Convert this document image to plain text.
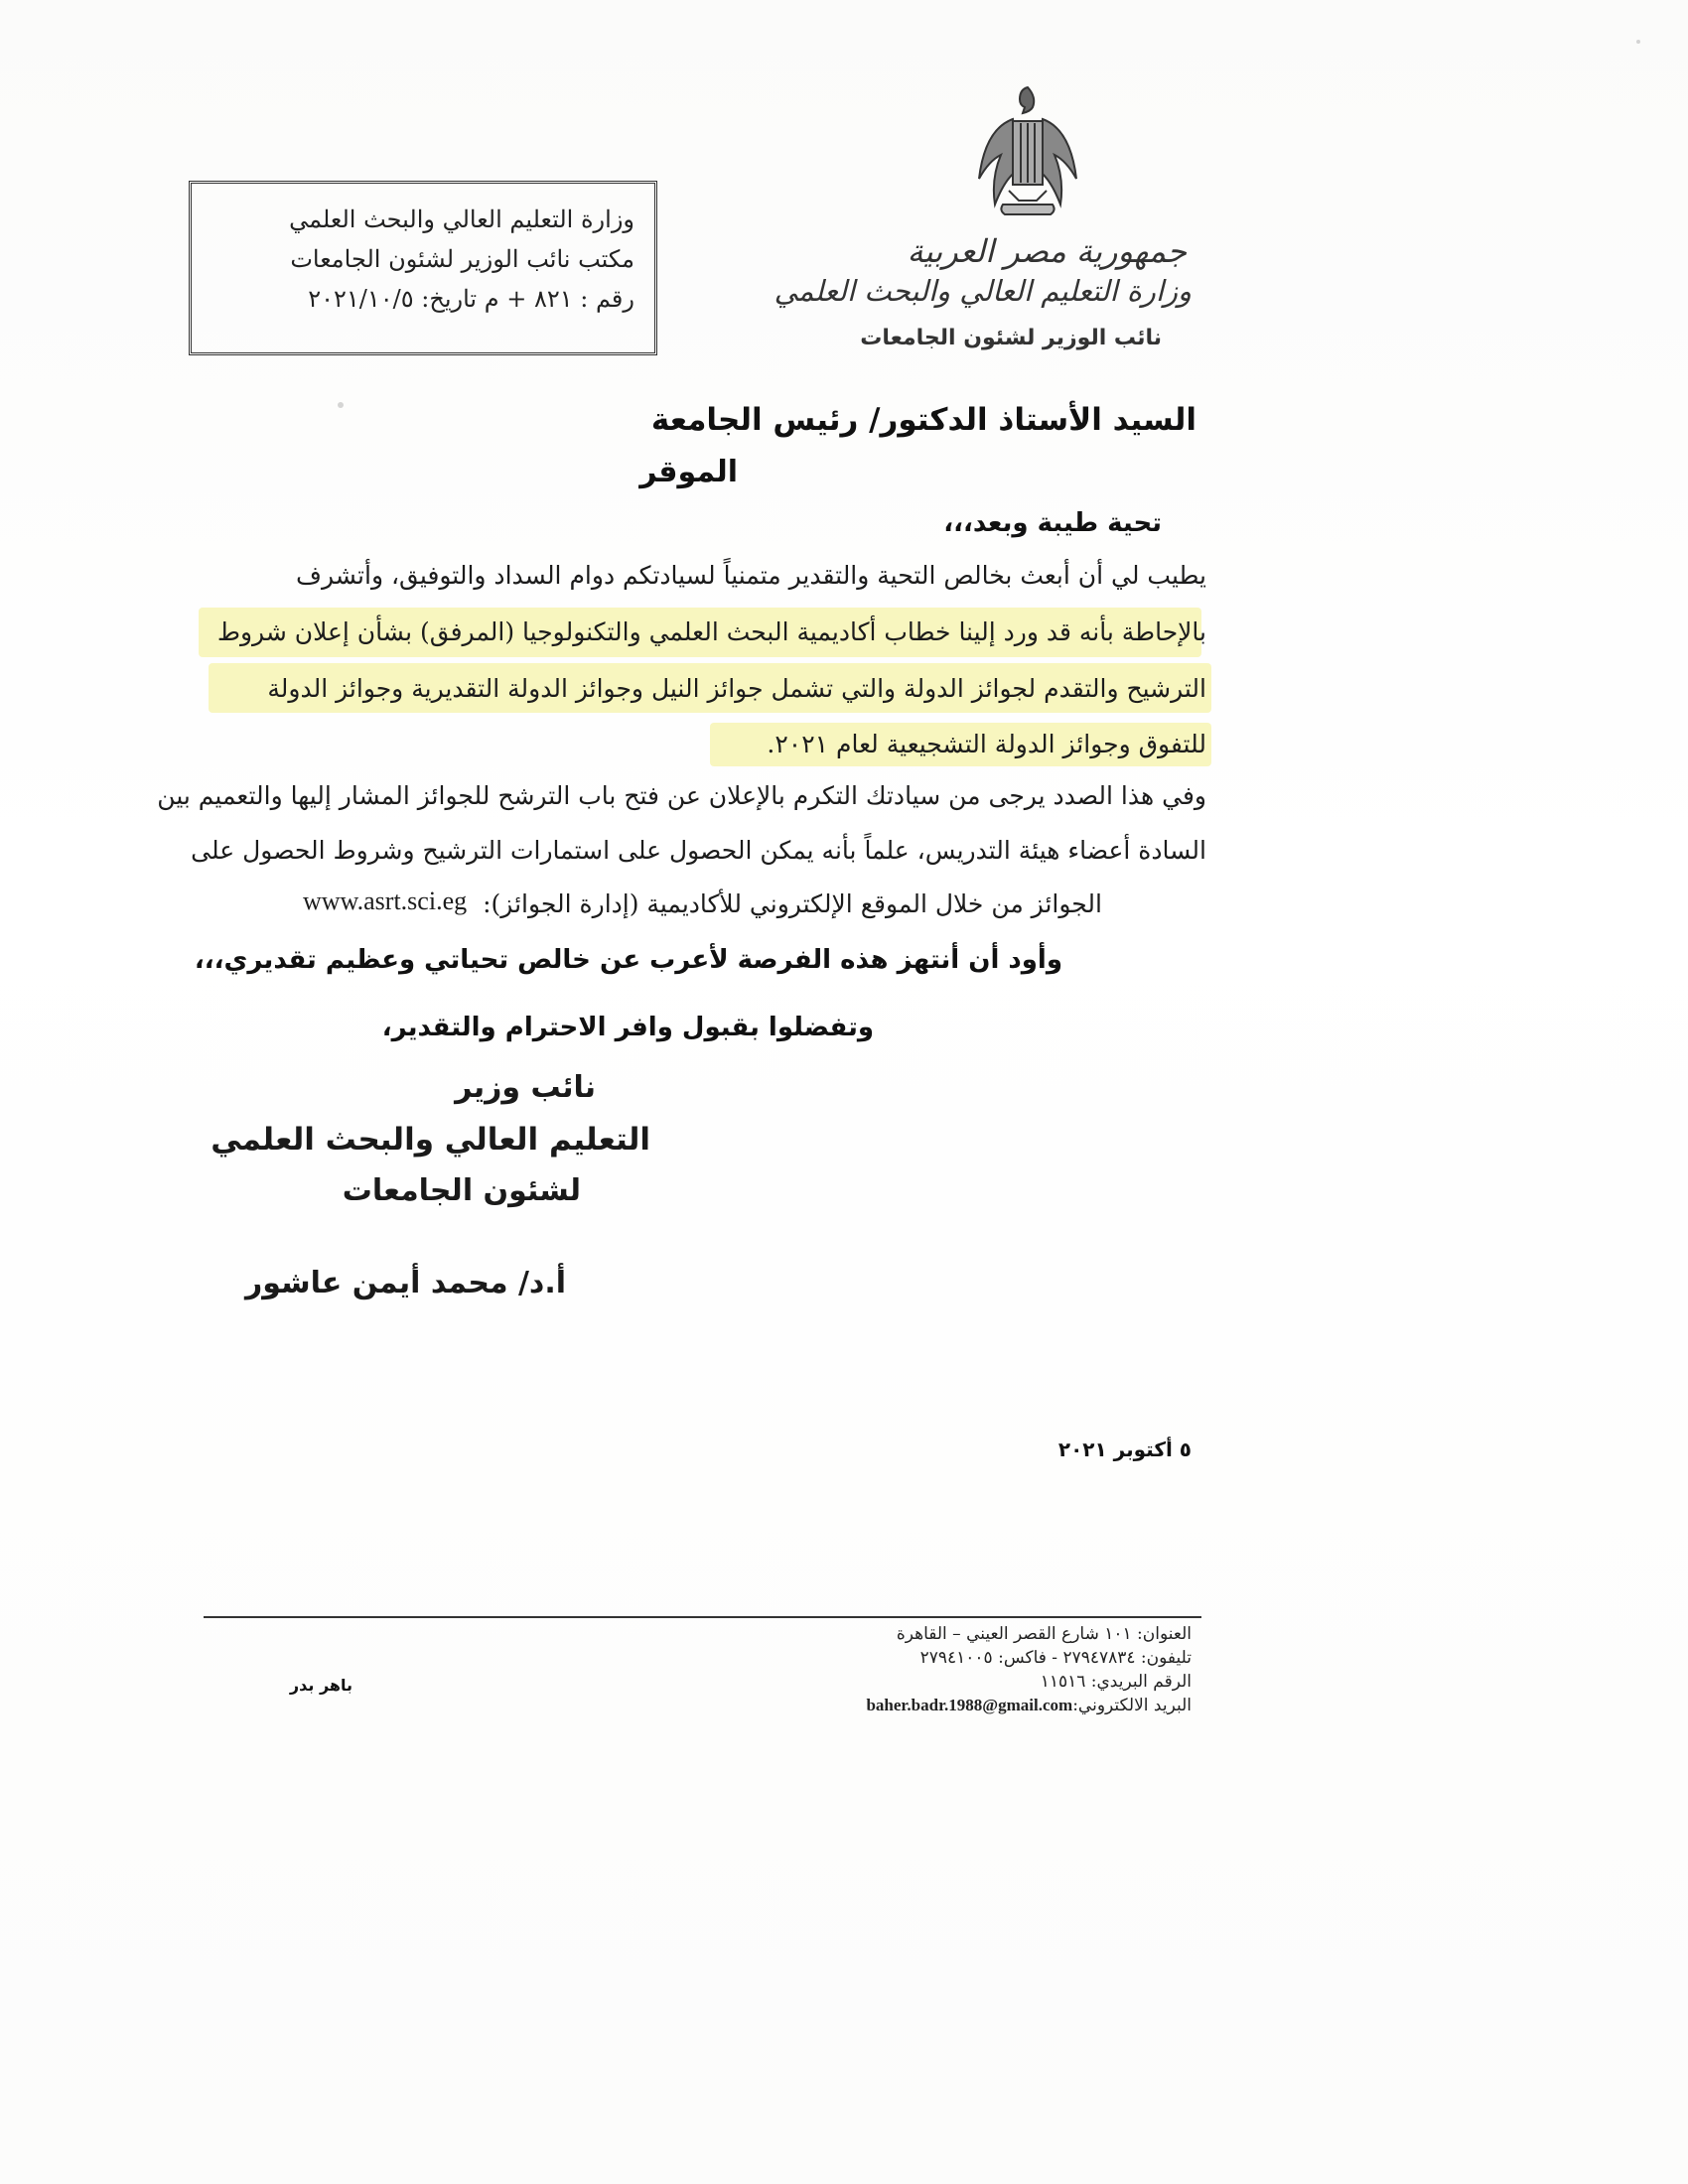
وزارة التعليم العالي والبحث العلمي
مكتب نائب الوزير لشئون الجامعات
رقم : ٨٢١ + م تاريخ: ٢٠٢١/١٠/٥
جمهورية مصر العربية
وزارة التعليم العالي والبحث العلمي
نائب الوزير لشئون الجامعات
السيد الأستاذ الدكتور/ رئيس الجامعة
الموقر
تحية طيبة وبعد،،،
يطيب لي أن أبعث بخالص التحية والتقدير متمنياً لسيادتكم دوام السداد والتوفيق، وأتشرف
بالإحاطة بأنه قد ورد إلينا خطاب أكاديمية البحث العلمي والتكنولوجيا (المرفق) بشأن إعلان شروط
الترشيح والتقدم لجوائز الدولة والتي تشمل جوائز النيل وجوائز الدولة التقديرية وجوائز الدولة
للتفوق وجوائز الدولة التشجيعية لعام ٢٠٢١.
وفي هذا الصدد يرجى من سيادتك التكرم بالإعلان عن فتح باب الترشح للجوائز المشار إليها والتعميم بين
السادة أعضاء هيئة التدريس، علماً بأنه يمكن الحصول على استمارات الترشيح وشروط الحصول على
الجوائز من خلال الموقع الإلكتروني للأكاديمية (إدارة الجوائز):
www.asrt.sci.eg
وأود أن أنتهز هذه الفرصة لأعرب عن خالص تحياتي وعظيم تقديري،،،
وتفضلوا بقبول وافر الاحترام والتقدير،
نائب وزير
التعليم العالي والبحث العلمي
لشئون الجامعات
أ.د/ محمد أيمن عاشور
٥ أكتوبر ٢٠٢١
العنوان: ١٠١ شارع القصر العيني – القاهرة
تليفون: ٢٧٩٤٧٨٣٤ - فاكس: ٢٧٩٤١٠٠٥
الرقم البريدي: ١١٥١٦
البريد الالكتروني:baher.badr.1988@gmail.com
باهر بدر
